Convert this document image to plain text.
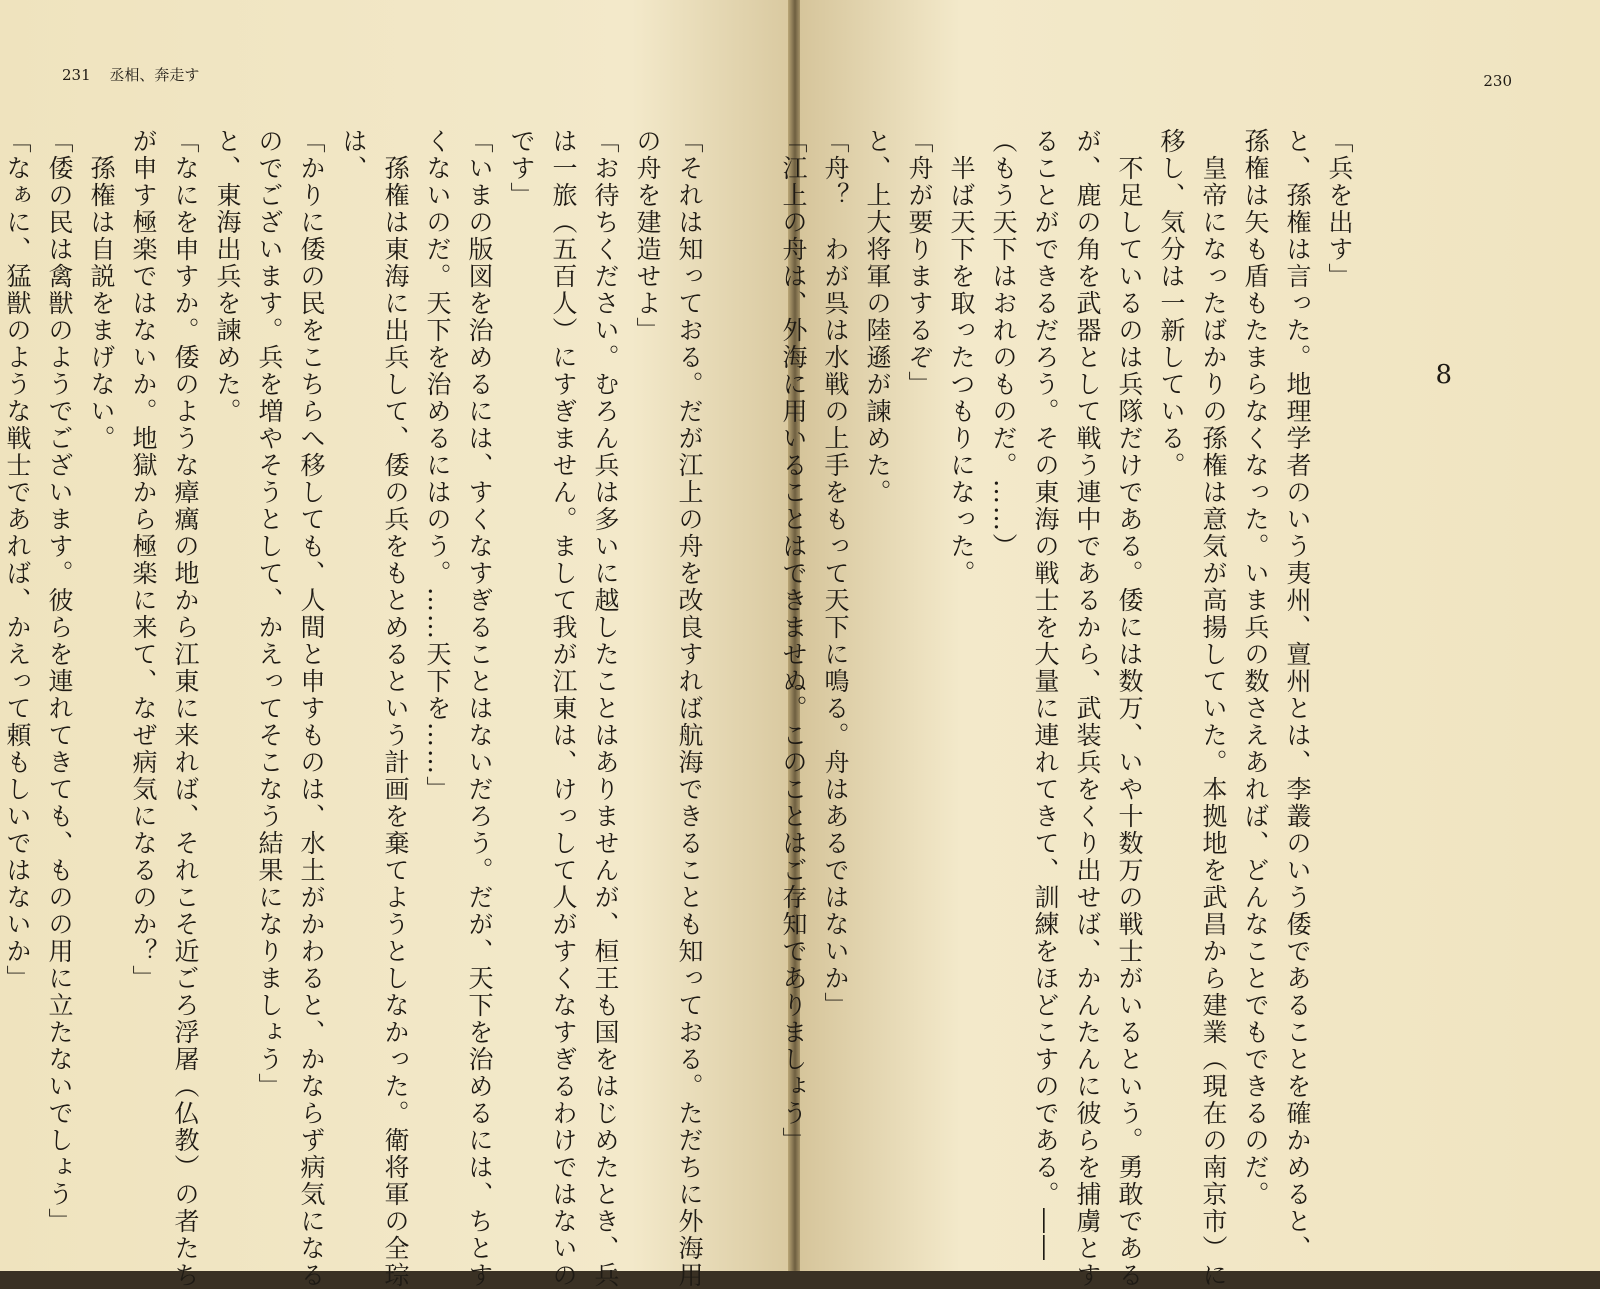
231 丞相、奔走す

「それは知っておる。だが江上の舟を改良すれば航海できることも知っておる。ただちに外海用

の舟を建造せよ」

「お待ちください。むろん兵は多いに越したことはありませんが、桓王も国をはじめたとき、兵

は一旅（五百人）にすぎません。まして我が江東は、けっして人がすくなすぎるわけではないの

です」

「いまの版図を治めるには、すくなすぎることはないだろう。だが、天下を治めるには、ちとす

くないのだ。天下を治めるにはのう。……天下を……」

　孫権は東海に出兵して、倭の兵をもとめるという計画を棄てようとしなかった。衛将軍の全琮

は、

「かりに倭の民をこちらへ移しても、人間と申すものは、水土がかわると、かならず病気になる

のでございます。兵を増やそうとして、かえってそこなう結果になりましょう」

と、東海出兵を諫めた。

「なにを申すか。倭のような瘴癘の地から江東に来れば、それこそ近ごろ浮屠（仏教）の者たち

が申す極楽ではないか。地獄から極楽に来て、なぜ病気になるのか？」

　孫権は自説をまげない。

「倭の民は禽獣のようでございます。彼らを連れてきても、ものの用に立たないでしょう」

「なぁに、猛獣のような戦士であれば、かえって頼もしいではないか」

230
8

「兵を出す」

と、孫権は言った。地理学者のいう夷州、亶州とは、李叢のいう倭であることを確かめると、

孫権は矢も盾もたまらなくなった。いま兵の数さえあれば、どんなことでもできるのだ。

　皇帝になったばかりの孫権は意気が高揚していた。本拠地を武昌から建業（現在の南京市）に

移し、気分は一新している。

　不足しているのは兵隊だけである。倭には数万、いや十数万の戦士がいるという。勇敢である

が、鹿の角を武器として戦う連中であるから、武装兵をくり出せば、かんたんに彼らを捕虜とす

ることができるだろう。その東海の戦士を大量に連れてきて、訓練をほどこすのである。――

（もう天下はおれのものだ。……）

　半ば天下を取ったつもりになった。

「舟が要りまするぞ」

と、上大将軍の陸遜が諫めた。

「舟？　わが呉は水戦の上手をもって天下に鳴る。舟はあるではないか」

「江上の舟は、外海に用いることはできませぬ。このことはご存知でありましょう」
